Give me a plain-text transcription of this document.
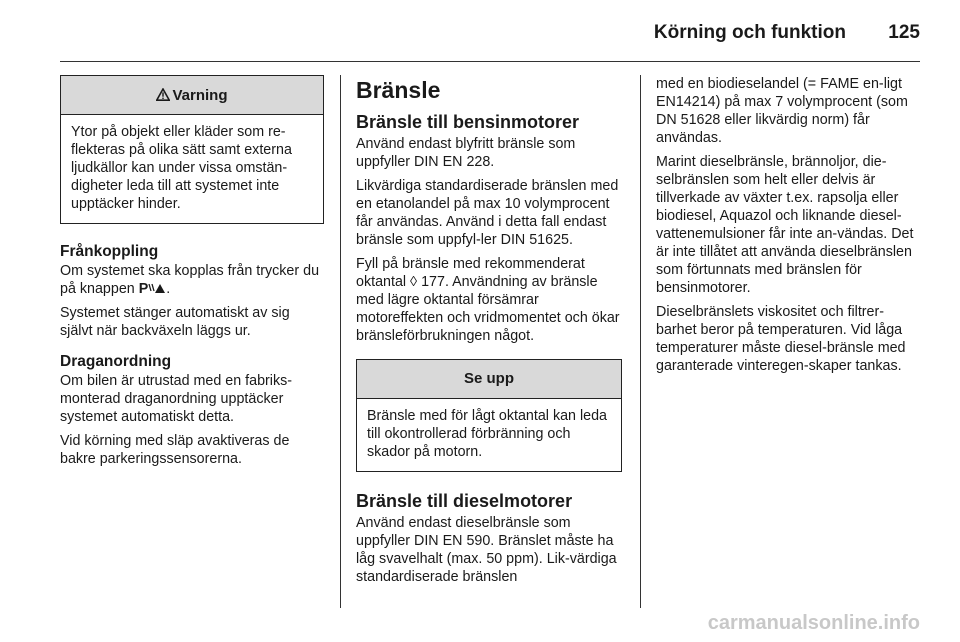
Körning och funktion 125
Varning
Ytor på objekt eller kläder som re-flekteras på olika sätt samt externa ljudkällor kan under vissa omstän-digheter leda till att systemet inte upptäcker hinder.
Frånkoppling

Om systemet ska kopplas från trycker du på knappen P .

Systemet stänger automatiskt av sig självt när backväxeln läggs ur.

Draganordning

Om bilen är utrustad med en fabriks-monterad draganordning upptäcker systemet automatiskt detta.

Vid körning med släp avaktiveras de bakre parkeringssensorerna.

Bränsle
Bränsle till bensinmotorer

Använd endast blyfritt bränsle som uppfyller DIN EN 228.

Likvärdiga standardiserade bränslen med en etanolandel på max 10 volymprocent får användas. Använd i detta fall endast bränsle som uppfyl-ler DIN 51625.

Fyll på bränsle med rekommenderat oktantal ◊ 177. Användning av bränsle med lägre oktantal försämrar motoreffekten och vridmomentet och ökar bränsleförbrukningen något.

Se upp
Bränsle med för lågt oktantal kan leda till okontrollerad förbränning och skador på motorn.
Bränsle till dieselmotorer

Använd endast dieselbränsle som uppfyller DIN EN 590. Bränslet måste ha låg svavelhalt (max. 50 ppm). Lik-värdiga standardiserade bränslen

med en biodieselandel (= FAME en-ligt EN14214) på max 7 volymprocent (som DN 51628 eller likvärdig norm) får användas.

Marint dieselbränsle, brännoljor, die-selbränslen som helt eller delvis är tillverkade av växter t.ex. rapsolja eller biodiesel, Aquazol och liknande diesel-vattenemulsioner får inte an-vändas. Det är inte tillåtet att använda dieselbränslen som förtunnats med bränslen för bensinmotorer.

Dieselbränslets viskositet och filtrer-barhet beror på temperaturen. Vid låga temperaturer måste diesel-bränsle med garanterade vinteregen-skaper tankas.

carmanualsonline.info
